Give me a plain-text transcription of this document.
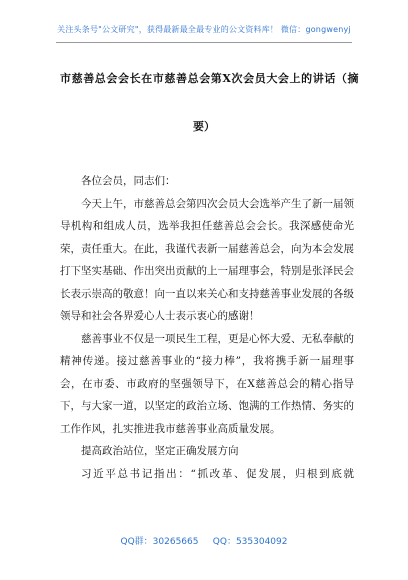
关注头条号"公文研究"，获得最新最全最专业的公文资料库！ 微信：gongwenyj
市慈善总会会长在市慈善总会第X次会员大会上的讲话（摘
要）

各位会员，同志们：

今天上午，市慈善总会第四次会员大会选举产生了新一届领导机构和组成人员，选举我担任慈善总会会长。我深感使命光荣，责任重大。在此，我谨代表新一届慈善总会，向为本会发展打下坚实基础、作出突出贡献的上一届理事会，特别是张泽民会长表示崇高的敬意！向一直以来关心和支持慈善事业发展的各级领导和社会各界爱心人士表示衷心的感谢！

慈善事业不仅是一项民生工程，更是心怀大爱、无私奉献的精神传递。接过慈善事业的“接力棒”，我将携手新一届理事会，在市委、市政府的坚强领导下，在X慈善总会的精心指导下，与大家一道，以坚定的政治立场、饱满的工作热情、务实的工作作风，扎实推进我市慈善事业高质量发展。

提高政治站位，坚定正确发展方向

习近平总书记指出：“抓改革、促发展，归根到底就

QQ群：30265665     QQ：535304092
